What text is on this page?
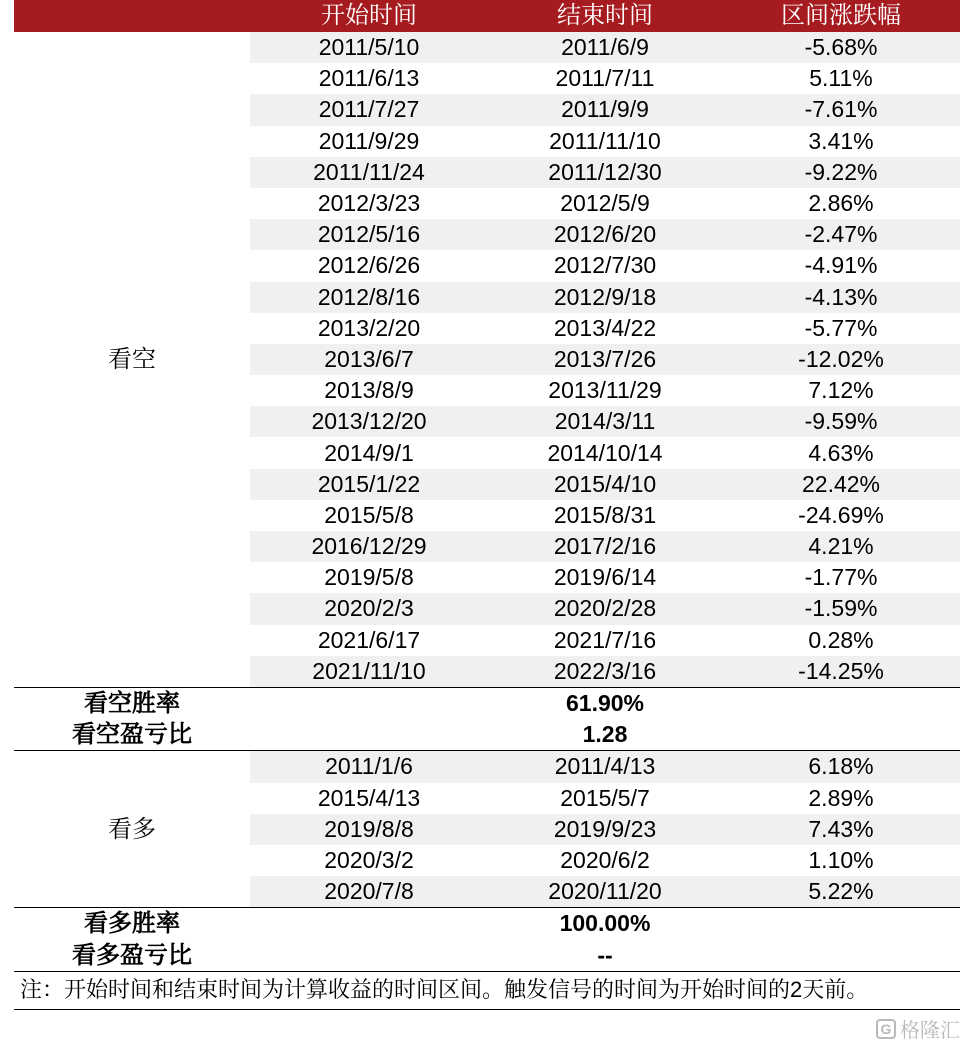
	开始时间	结束时间	区间涨跌幅
看空	2011/5/10	2011/6/9	-5.68%
	2011/6/13	2011/7/11	5.11%
	2011/7/27	2011/9/9	-7.61%
	2011/9/29	2011/11/10	3.41%
	2011/11/24	2011/12/30	-9.22%
	2012/3/23	2012/5/9	2.86%
	2012/5/16	2012/6/20	-2.47%
	2012/6/26	2012/7/30	-4.91%
	2012/8/16	2012/9/18	-4.13%
	2013/2/20	2013/4/22	-5.77%
	2013/6/7	2013/7/26	-12.02%
	2013/8/9	2013/11/29	7.12%
	2013/12/20	2014/3/11	-9.59%
	2014/9/1	2014/10/14	4.63%
	2015/1/22	2015/4/10	22.42%
	2015/5/8	2015/8/31	-24.69%
	2016/12/29	2017/2/16	4.21%
	2019/5/8	2019/6/14	-1.77%
	2020/2/3	2020/2/28	-1.59%
	2021/6/17	2021/7/16	0.28%
	2021/11/10	2022/3/16	-14.25%
看空胜率		61.90%	
看空盈亏比		1.28	
看多	2011/1/6	2011/4/13	6.18%
	2015/4/13	2015/5/7	2.89%
	2019/8/8	2019/9/23	7.43%
	2020/3/2	2020/6/2	1.10%
	2020/7/8	2020/11/20	5.22%
看多胜率		100.00%	
看多盈亏比		--	
注：开始时间和结束时间为计算收益的时间区间。触发信号的时间为开始时间的2天前。
G 格隆汇
